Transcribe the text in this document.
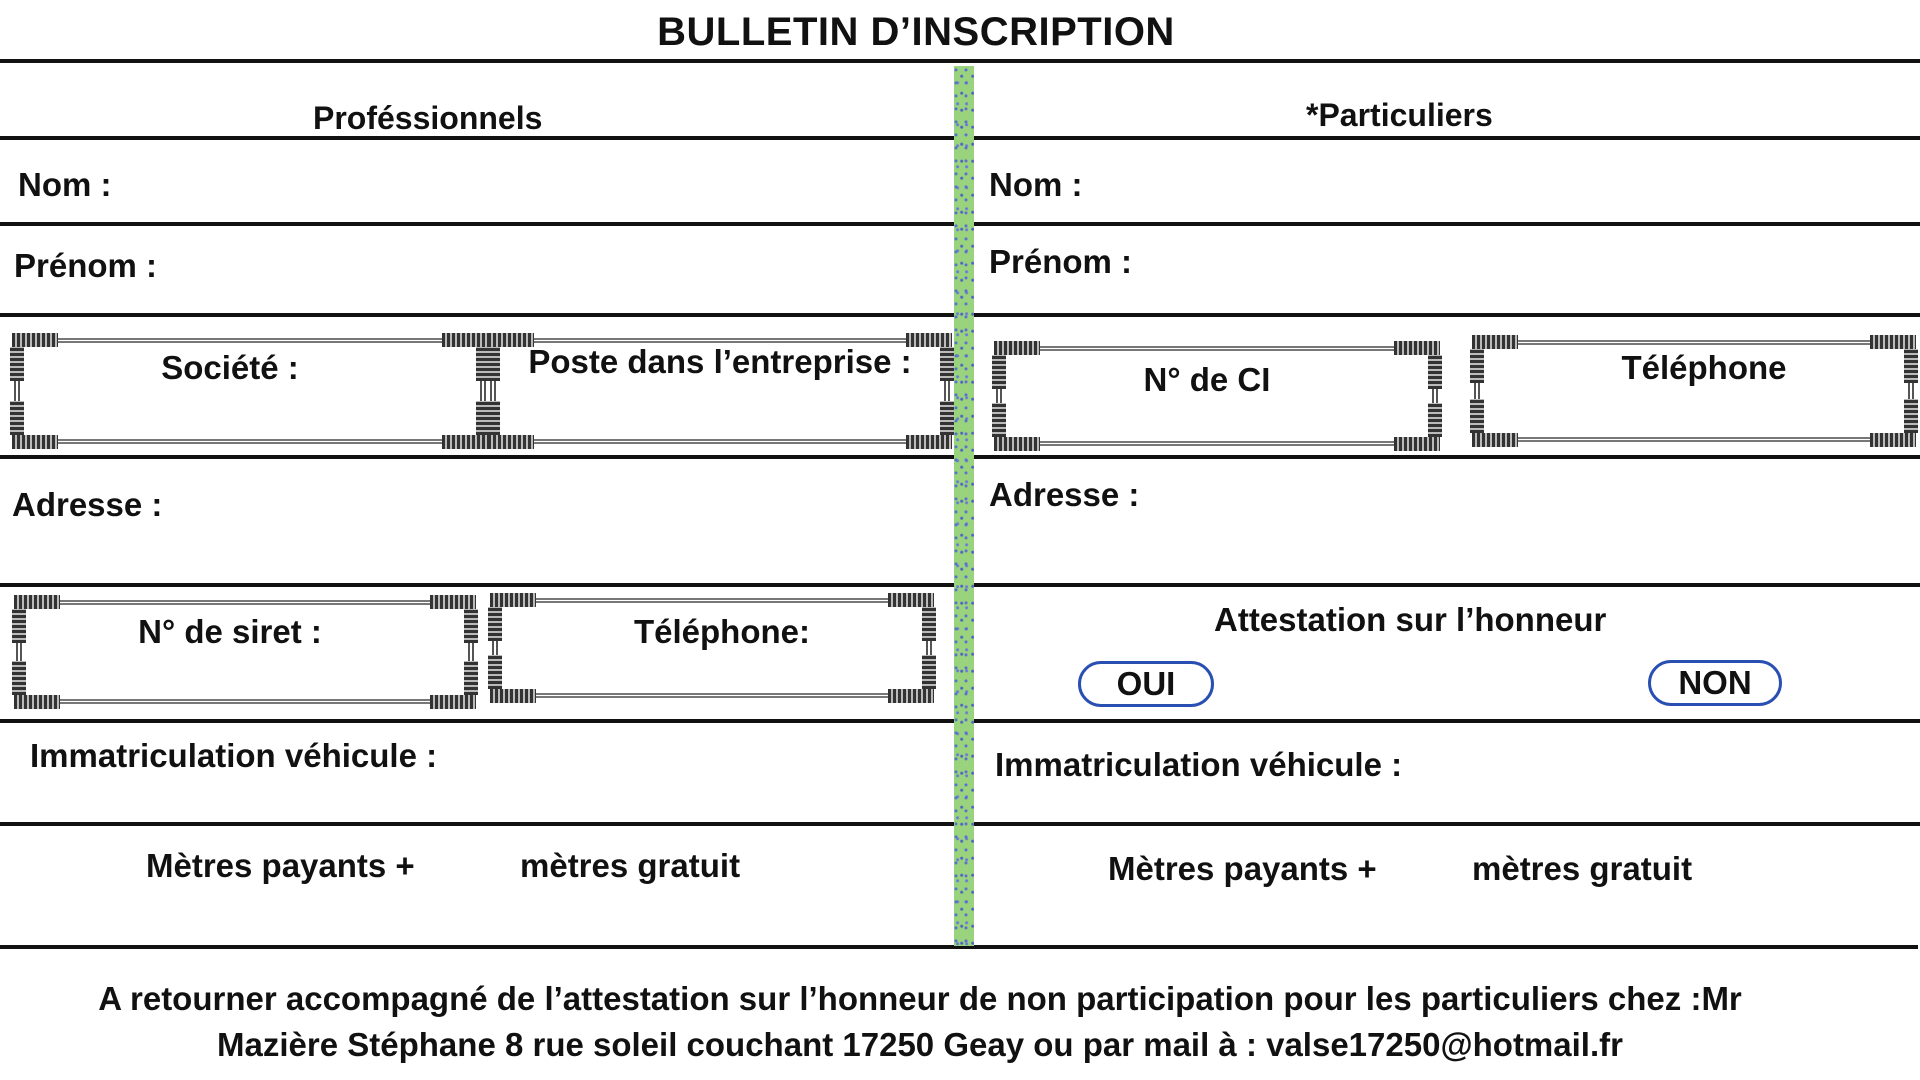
BULLETIN D’INSCRIPTION
Proféssionnels
Nom :
Prénom :
Société :	Poste dans l’entreprise :
Adresse :
N° de siret :	Téléphone:
Immatriculation véhicule :
Mètres payants +	mètres gratuit
*Particuliers
Nom :
Prénom :
N° de CI	Téléphone
Adresse :
Attestation sur l’honneur
OUI	NON
Immatriculation véhicule :
Mètres payants +	mètres gratuit
A retourner accompagné de l’attestation sur l’honneur de non participation pour les particuliers chez :Mr
Mazière Stéphane 8 rue soleil couchant 17250 Geay ou par mail à : valse17250@hotmail.fr
